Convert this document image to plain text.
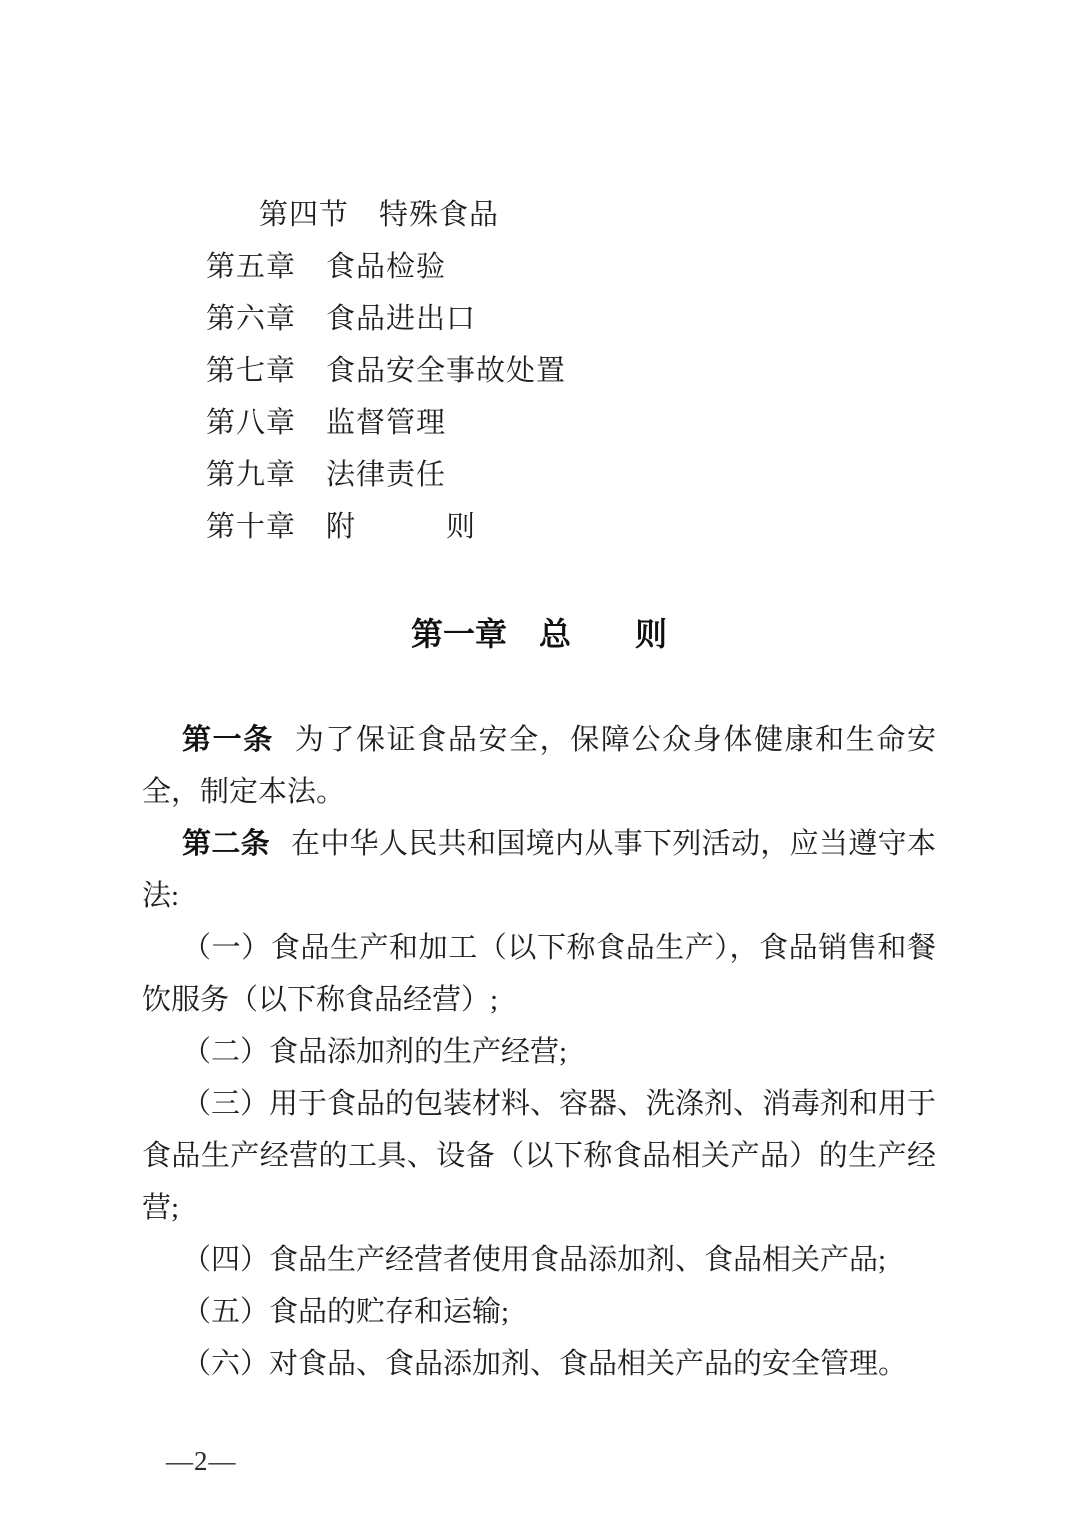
第四节　特殊食品
第五章　食品检验
第六章　食品进出口
第七章　食品安全事故处置
第八章　监督管理
第九章　法律责任
第十章　附　　　则
第一章　总　　则

第一条 为了保证食品安全，保障公众身体健康和生命安全，制定本法。

第二条 在中华人民共和国境内从事下列活动，应当遵守本法:

（一）食品生产和加工（以下称食品生产），食品销售和餐饮服务（以下称食品经营）;

（二）食品添加剂的生产经营;

（三）用于食品的包装材料、容器、洗涤剂、消毒剂和用于食品生产经营的工具、设备（以下称食品相关产品）的生产经营;

（四）食品生产经营者使用食品添加剂、食品相关产品;

（五）食品的贮存和运输;

（六）对食品、食品添加剂、食品相关产品的安全管理。

—2—
